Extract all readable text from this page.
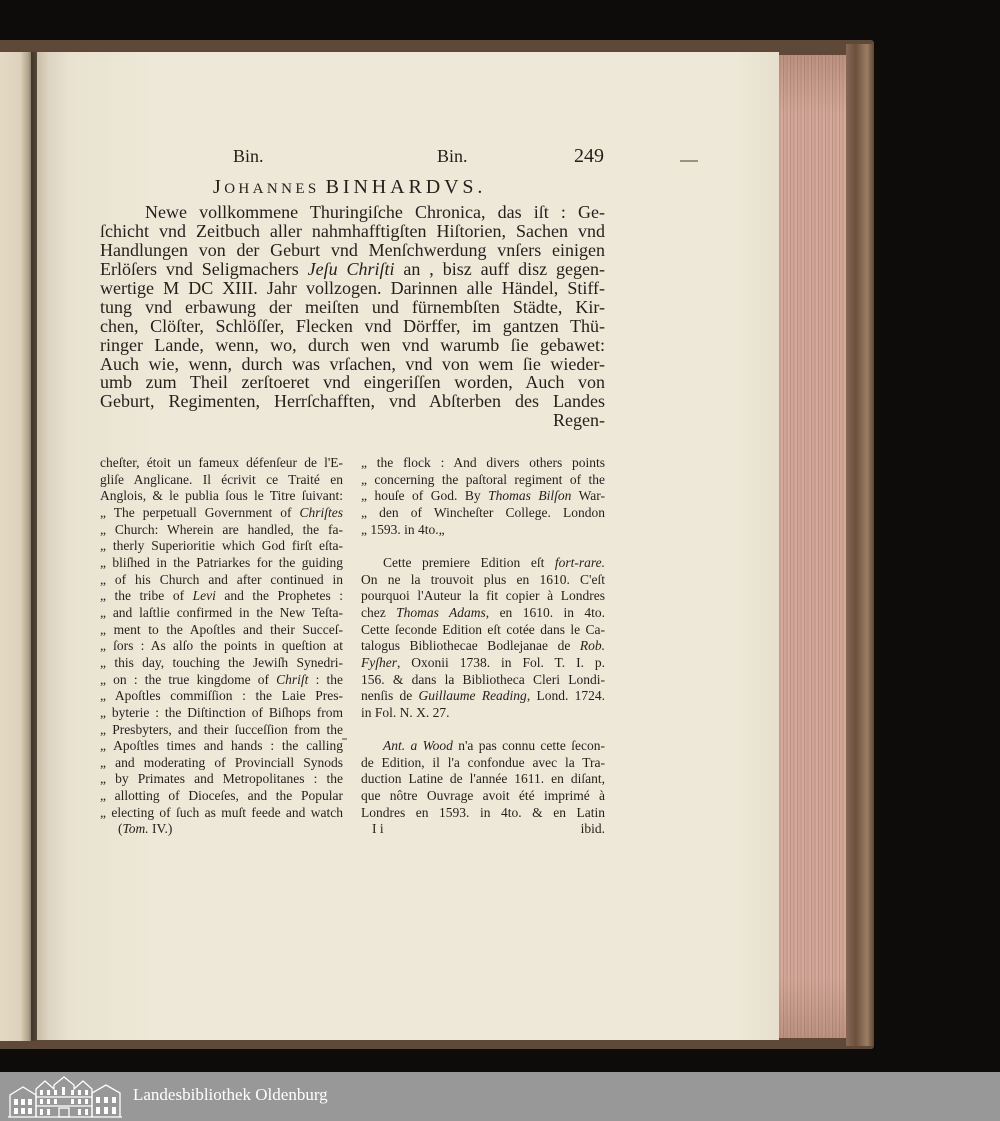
Bin.	Bin.	249
JOHANNES BINHARDVS.
Newe vollkommene Thuringiſche Chronica, das iſt : Ge-
ſchicht vnd Zeitbuch aller nahmhafftigſten Hiſtorien, Sachen vnd
Handlungen von der Geburt vnd Menſchwerdung vnſers einigen
Erlöſers vnd Seligmachers Jeſu Chriſti an , bisz auff disz gegen-
wertige M DC XIII. Jahr vollzogen. Darinnen alle Händel, Stiff-
tung vnd erbawung der meiſten und fürnembſten Städte, Kir-
chen, Clöſter, Schlöſſer, Flecken vnd Dörffer, im gantzen Thü-
ringer Lande, wenn, wo, durch wen vnd warumb ſie gebawet:
Auch wie, wenn, durch was vrſachen, vnd von wem ſie wieder-
umb zum Theil zerſtoeret vnd eingeriſſen worden, Auch von
Geburt, Regimenten, Herrſchafften, vnd Abſterben des Landes
Regen-
cheſter, étoit un fameux défenſeur de l'E-
gliſe Anglicane. Il écrivit ce Traité en
Anglois, & le publia ſous le Titre ſuivant:
„ The perpetuall Government of Chriſtes
„ Church: Wherein are handled, the fa-
„ therly Superioritie which God firſt eſta-
„ bliſhed in the Patriarkes for the guiding
„ of his Church and after continued in
„ the tribe of Levi and the Prophetes :
„ and laſtlie confirmed in the New Teſta-
„ ment to the Apoſtles and their Succeſ-
„ ſors : As alſo the points in queſtion at
„ this day, touching the Jewiſh Synedri-
„ on : the true kingdome of Chriſt : the
„ Apoſtles commiſſion : the Laie Pres-
„ byterie : the Diſtinction of Biſhops from
„ Presbyters, and their ſucceſſion from the
„ Apoſtles times and hands : the calling
„ and moderating of Provinciall Synods
„ by Primates and Metropolitanes : the
„ allotting of Dioceſes, and the Popular
„ electing of ſuch as muſt feede and watch
(Tom. IV.)
„ the flock : And divers others points
„ concerning the paſtoral regiment of the
„ houſe of God. By Thomas Bilſon War-
„ den of Wincheſter College. London
„ 1593. in 4to.„
Cette premiere Edition eſt fort-rare.
On ne la trouvoit plus en 1610. C'eſt
pourquoi l'Auteur la fit copier à Londres
chez Thomas Adams, en 1610. in 4to.
Cette ſeconde Edition eſt cotée dans le Ca-
talogus Bibliothecae Bodlejanae de Rob.
Fyſher, Oxonii 1738. in Fol. T. I. p.
156. & dans la Bibliotheca Cleri Londi-
nenſis de Guillaume Reading, Lond. 1724.
in Fol. N. X. 27.
Ant. a Wood n'a pas connu cette ſecon-
de Edition, il l'a confondue avec la Tra-
duction Latine de l'année 1611. en diſant,
que nôtre Ouvrage avoit été imprimé à
Londres en 1593. in 4to. & en Latin
I i	ibid.
Landesbibliothek Oldenburg
